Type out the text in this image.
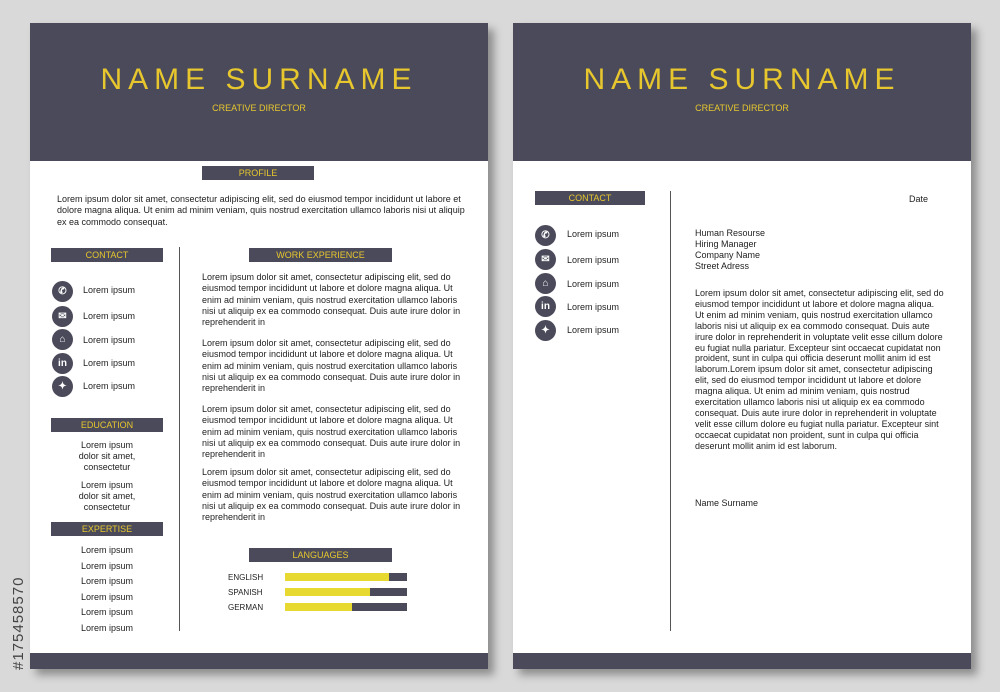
#175458570
NAME SURNAME
CREATIVE DIRECTOR
PROFILE

Lorem ipsum dolor sit amet, consectetur adipiscing elit, sed do eiusmod tempor incididunt ut labore et dolore magna aliqua. Ut enim ad minim veniam, quis nostrud exercitation ullamco laboris nisi ut aliquip ex ea commodo consequat.

CONTACT
✆	Lorem ipsum
✉	Lorem ipsum
⌂	Lorem ipsum
in	Lorem ipsum
✦	Lorem ipsum
EDUCATION
Lorem ipsum
dolor sit amet,
consectetur
Lorem ipsum
dolor sit amet,
consectetur
EXPERTISE
Lorem ipsum
Lorem ipsum
Lorem ipsum
Lorem ipsum
Lorem ipsum
Lorem ipsum
WORK EXPERIENCE

Lorem ipsum dolor sit amet, consectetur adipiscing elit, sed do eiusmod tempor incididunt ut labore et dolore magna aliqua. Ut enim ad minim veniam, quis nostrud exercitation ullamco laboris nisi ut aliquip ex ea commodo consequat. Duis aute irure dolor in reprehenderit in

Lorem ipsum dolor sit amet, consectetur adipiscing elit, sed do eiusmod tempor incididunt ut labore et dolore magna aliqua. Ut enim ad minim veniam, quis nostrud exercitation ullamco laboris nisi ut aliquip ex ea commodo consequat. Duis aute irure dolor in reprehenderit in

Lorem ipsum dolor sit amet, consectetur adipiscing elit, sed do eiusmod tempor incididunt ut labore et dolore magna aliqua. Ut enim ad minim veniam, quis nostrud exercitation ullamco laboris nisi ut aliquip ex ea commodo consequat. Duis aute irure dolor in reprehenderit in

Lorem ipsum dolor sit amet, consectetur adipiscing elit, sed do eiusmod tempor incididunt ut labore et dolore magna aliqua. Ut enim ad minim veniam, quis nostrud exercitation ullamco laboris nisi ut aliquip ex ea commodo consequat. Duis aute irure dolor in reprehenderit in

LANGUAGES
ENGLISH
SPANISH
GERMAN
NAME SURNAME
CREATIVE DIRECTOR
CONTACT
✆	Lorem ipsum
✉	Lorem ipsum
⌂	Lorem ipsum
in	Lorem ipsum
✦	Lorem ipsum
Date
Human Resourse
Hiring Manager
Company Name
Street Adress

Lorem ipsum dolor sit amet, consectetur adipiscing elit, sed do eiusmod tempor incididunt ut labore et dolore magna aliqua. Ut enim ad minim veniam, quis nostrud exercitation ullamco laboris nisi ut aliquip ex ea commodo consequat. Duis aute irure dolor in reprehenderit in voluptate velit esse cillum dolore eu fugiat nulla pariatur. Excepteur sint occaecat cupidatat non proident, sunt in culpa qui officia deserunt mollit anim id est laborum.Lorem ipsum dolor sit amet, consectetur adipiscing elit, sed do eiusmod tempor incididunt ut labore et dolore magna aliqua. Ut enim ad minim veniam, quis nostrud exercitation ullamco laboris nisi ut aliquip ex ea commodo consequat. Duis aute irure dolor in reprehenderit in voluptate velit esse cillum dolore eu fugiat nulla pariatur. Excepteur sint occaecat cupidatat non proident, sunt in culpa qui officia deserunt mollit anim id est laborum.

Name Surname
